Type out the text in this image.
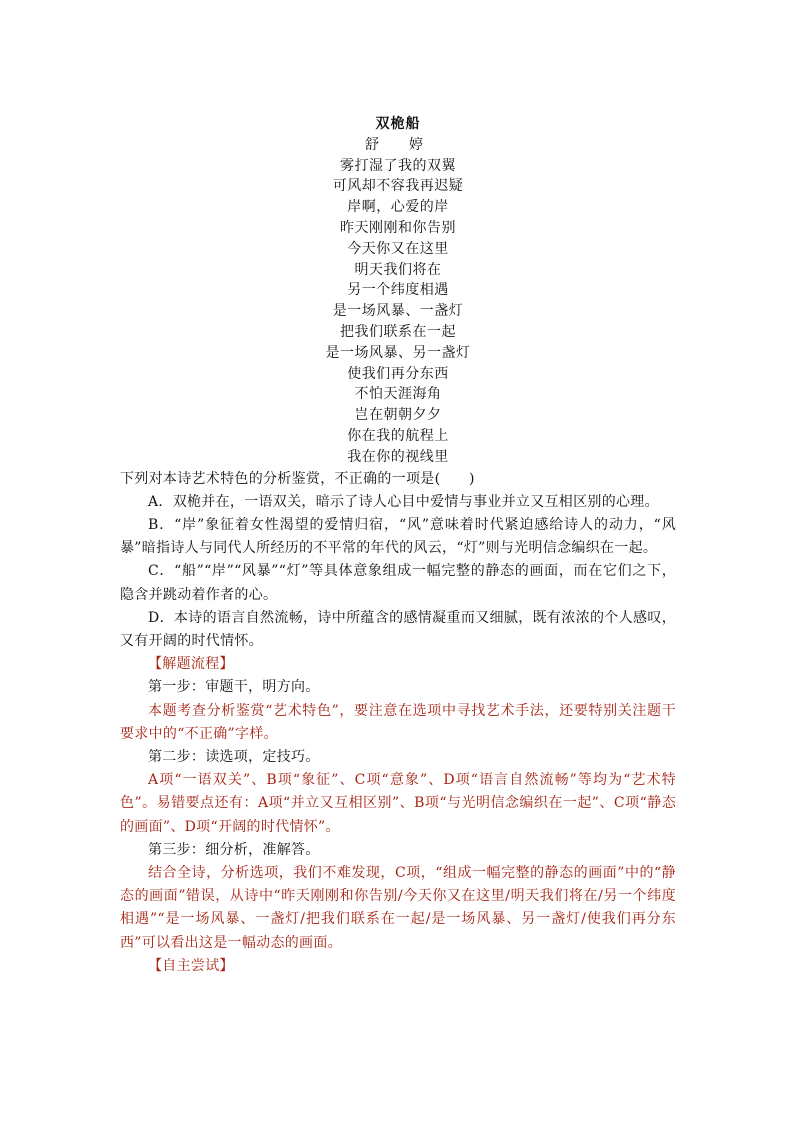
双桅船
舒　婷
雾打湿了我的双翼
可风却不容我再迟疑
岸啊，心爱的岸
昨天刚刚和你告别
今天你又在这里
明天我们将在
另一个纬度相遇
是一场风暴、一盏灯
把我们联系在一起
是一场风暴、另一盏灯
使我们再分东西
不怕天涯海角
岂在朝朝夕夕
你在我的航程上
我在你的视线里

下列对本诗艺术特色的分析鉴赏，不正确的一项是(　　)

A．双桅并在，一语双关，暗示了诗人心目中爱情与事业并立又互相区别的心理。

B．“岸”象征着女性渴望的爱情归宿，“风”意味着时代紧迫感给诗人的动力，“风暴”暗指诗人与同代人所经历的不平常的年代的风云，“灯”则与光明信念编织在一起。

C．“船”“岸”“风暴”“灯”等具体意象组成一幅完整的静态的画面，而在它们之下，隐含并跳动着作者的心。

D．本诗的语言自然流畅，诗中所蕴含的感情凝重而又细腻，既有浓浓的个人感叹，又有开阔的时代情怀。

【解题流程】

第一步：审题干，明方向。

本题考查分析鉴赏“艺术特色”，要注意在选项中寻找艺术手法，还要特别关注题干要求中的“不正确”字样。

第二步：读选项，定技巧。

A项“一语双关”、B项“象征”、C项“意象”、D项“语言自然流畅”等均为“艺术特色”。易错要点还有：A项“并立又互相区别”、B项“与光明信念编织在一起”、C项“静态的画面”、D项“开阔的时代情怀”。

第三步：细分析，准解答。

结合全诗，分析选项，我们不难发现，C项，“组成一幅完整的静态的画面”中的“静态的画面”错误，从诗中“昨天刚刚和你告别/今天你又在这里/明天我们将在/另一个纬度相遇”“是一场风暴、一盏灯/把我们联系在一起/是一场风暴、另一盏灯/使我们再分东西”可以看出这是一幅动态的画面。

【自主尝试】
